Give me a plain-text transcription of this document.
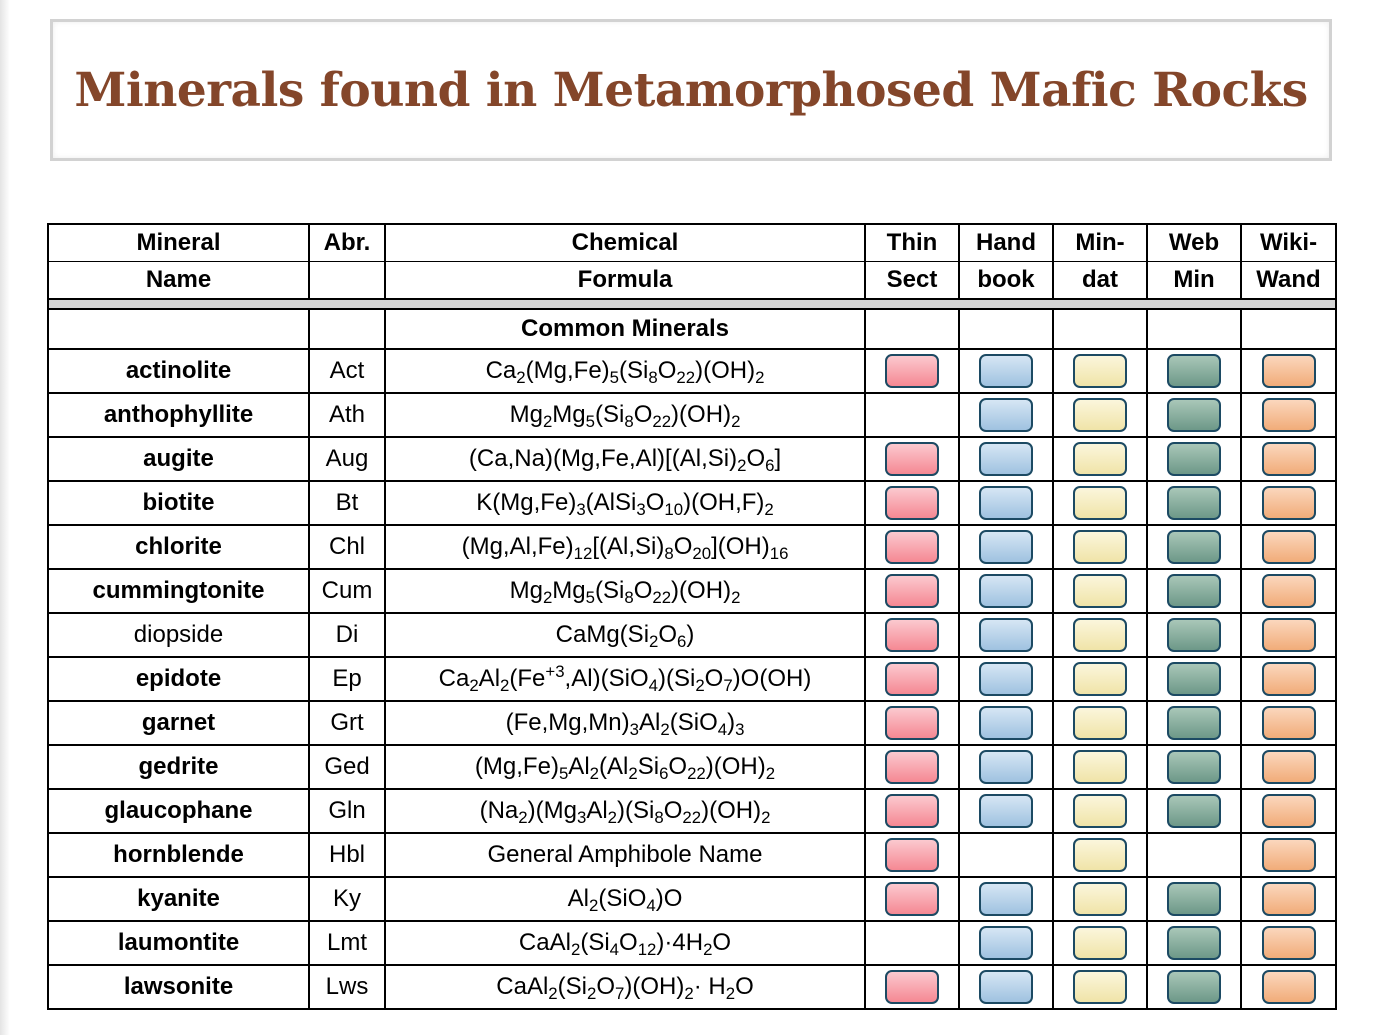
Minerals found in Metamorphosed Mafic Rocks
Mineral	Abr.	Chemical	Thin	Hand	Min-	Web	Wiki-
Name		Formula	Sect	book	dat	Min	Wand

		Common Minerals					
actinolite	Act	$Ca_2(Mg,Fe)_5(Si_8O_{22})(OH)_2$					
anthophyllite	Ath	$Mg_2Mg_5(Si_8O_{22})(OH)_2$					
augite	Aug	$(Ca,Na)(Mg,Fe,Al)[(Al,Si)_2O_6]$					
biotite	Bt	$K(Mg,Fe)_3(AlSi_3O_{10})(OH,F)_2$					
chlorite	Chl	$(Mg,Al,Fe)_{12}[(Al,Si)_8O_{20}](OH)_{16}$					
cummingtonite	Cum	$Mg_2Mg_5(Si_8O_{22})(OH)_2$					
diopside	Di	$CaMg(Si_2O_6)$					
epidote	Ep	$Ca_2Al_2(Fe^{+3},Al)(SiO_4)(Si_2O_7)O(OH)$					
garnet	Grt	$(Fe,Mg,Mn)_3Al_2(SiO_4)_3$					
gedrite	Ged	$(Mg,Fe)_5Al_2(Al_2Si_6O_{22})(OH)_2$					
glaucophane	Gln	$(Na_2)(Mg_3Al_2)(Si_8O_{22})(OH)_2$					
hornblende	Hbl	General Amphibole Name					
kyanite	Ky	$Al_2(SiO_4)O$					
laumontite	Lmt	$CaAl_2(Si_4O_{12})\cdot 4H_2O$					
lawsonite	Lws	$CaAl_2(Si_2O_7)(OH)_2\cdot H_2O$					
